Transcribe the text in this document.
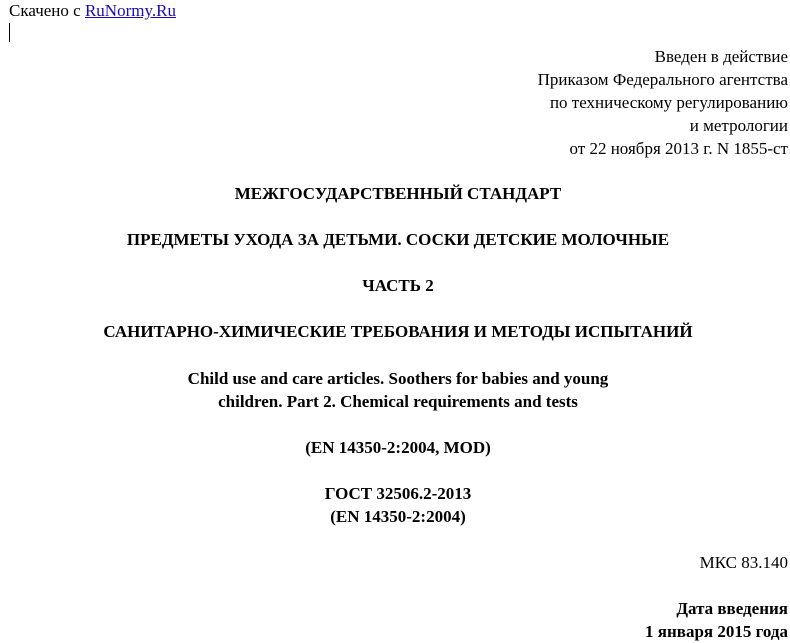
Скачено с RuNormy.Ru
Введен в действие
Приказом Федерального агентства
по техническому регулированию
и метрологии
от 22 ноября 2013 г. N 1855-ст
МЕЖГОСУДАРСТВЕННЫЙ СТАНДАРТ
ПРЕДМЕТЫ УХОДА ЗА ДЕТЬМИ. СОСКИ ДЕТСКИЕ МОЛОЧНЫЕ
ЧАСТЬ 2
САНИТАРНО-ХИМИЧЕСКИЕ ТРЕБОВАНИЯ И МЕТОДЫ ИСПЫТАНИЙ
Child use and care articles. Soothers for babies and young
children. Part 2. Chemical requirements and tests
(EN 14350-2:2004, MOD)
ГОСТ 32506.2-2013
(EN 14350-2:2004)
МКС 83.140
Дата введения
1 января 2015 года
